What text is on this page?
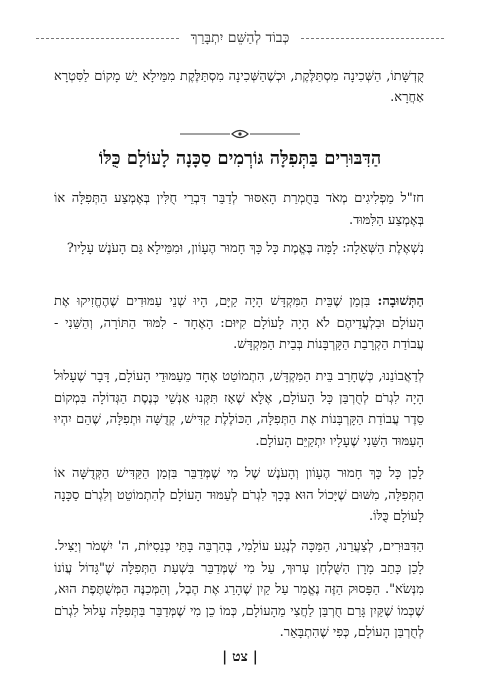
כְּבוֹד לְהַשֵּׁם יִתְבָּרַךְ

קֻדְשָּׁתוֹ, הַשְּׁכִינָה מִסְתַּלֶּקֶת, וּכְשֶׁהַשְּׁכִינָה מִסְתַּלֶּקֶת מִמֵּילָא יֵשׁ מָקוֹם לַסִּטְרָא אַחֲרָא.

הַדִּבּוּרִים בַּתְּפִלָּה גּוֹרְמִים סַכָּנָה לָעוֹלָם כֻּלּוֹ

חז"ל מַפְלִיגִים מְאֹד בַּחֻמְרַת הָאִסּוּר לְדַבֵּר דִּבְרֵי חֻלִּין בְּאֶמְצַע הַתְּפִלָּה אוֹ בְּאֶמְצַע הַלִּמּוּד.

נִשְׁאֶלֶת הַשְּׁאֵלָה: לָמָּה בֶּאֱמֶת כָּל כָּךְ חָמוּר הֶעָוֹון, וּמִמֵּילָא גַּם הָעֹנֶשׁ עָלָיו?

הַתְּשׁוּבָה: בִּזְמַן שֶׁבֵּית הַמִּקְדָּשׁ הָיָה קַיָּם, הָיוּ שְׁנֵי עַמּוּדִים שֶׁהֶחֱזִיקוּ אֶת הָעוֹלָם וּבִלְעֲדֵיהֶם לֹא הָיָה לָעוֹלָם קִיּוּם: הָאֶחָד - לִמּוּד הַתּוֹרָה, וְהַשֵּׁנִי - עֲבוֹדַת הַקְרָבַת הַקָּרְבָּנוֹת בְּבֵית הַמִּקְדָּשׁ.

לְדַאֲבוֹנֵנוּ, כְּשֶׁחָרַב בֵּית הַמִּקְדָּשׁ, הִתְמוֹטֵט אֶחָד מֵעַמּוּדֵי הָעוֹלָם, דָּבָר שֶׁעָלוּל הָיָה לִגְרֹם לְחֻרְבַּן כָּל הָעוֹלָם, אֶלָּא שֶׁאָז תִּקְּנוּ אַנְשֵׁי כְּנֶסֶת הַגְּדוֹלָה בִּמְקוֹם סֵדֶר עֲבוֹדַת הַקָּרְבָּנוֹת אֶת הַתְּפִלָּה, הַכּוֹלֶלֶת קַדִּישׁ, קְדֻשָּׁה וּתְפִלָּה, שֶׁהֵם יִהְיוּ הָעַמּוּד הַשֵּׁנִי שֶׁעָלָיו יִתְקַיֵּם הָעוֹלָם.

לָכֵן כָּל כָּךְ חָמוּר הֶעָוֹון וְהָעֹנֶשׁ שֶׁל מִי שֶׁמְּדַבֵּר בִּזְמַן הַקַּדִּישׁ הַקְּדֻשָּׁה אוֹ הַתְּפִלָּה, מִשּׁוּם שֶׁיָּכוֹל הוּא בְּכָךְ לִגְרֹם לְעַמּוּד הָעוֹלָם לְהִתְמוֹטֵט וְלִגְרֹם סַכָּנָה לָעוֹלָם כֻּלּוֹ.

הַדִּבּוּרִים, לְצַעֲרֵנוּ, הַמַּכָּה לְנֶגַע עוֹלָמִי, בְּהַרְבֵּה בָּתֵּי כְּנֵסִיּוֹת, ה' יִשְׁמֹר וְיַצִּיל. לָכֵן כָּתַב מָרָן הַשֻּׁלְחָן עָרוּךְ, עַל מִי שֶׁמְּדַבֵּר בִּשְׁעַת הַתְּפִלָּה שֶׁ"גָּדוֹל עֲוֹנוֹ מִנְּשֹׂא". הַפָּסוּק הַזֶּה נֶאֱמַר עַל קַיִן שֶׁהָרַג אֶת הֶבֶל, וְהַמְּכַנֶּה הַמְּשֻׁתֶּפֶת הוּא, שֶׁכְּמוֹ שֶׁקַּיִן גָּרַם חֻרְבַּן לַחֲצִי מֵהָעוֹלָם, כְּמוֹ כֵן מִי שֶׁמְּדַבֵּר בַּתְּפִלָּה עָלוּל לִגְרֹם לְחֻרְבַּן הָעוֹלָם, כְּפִי שֶׁהִתְבָּאֵר.

| צט |
